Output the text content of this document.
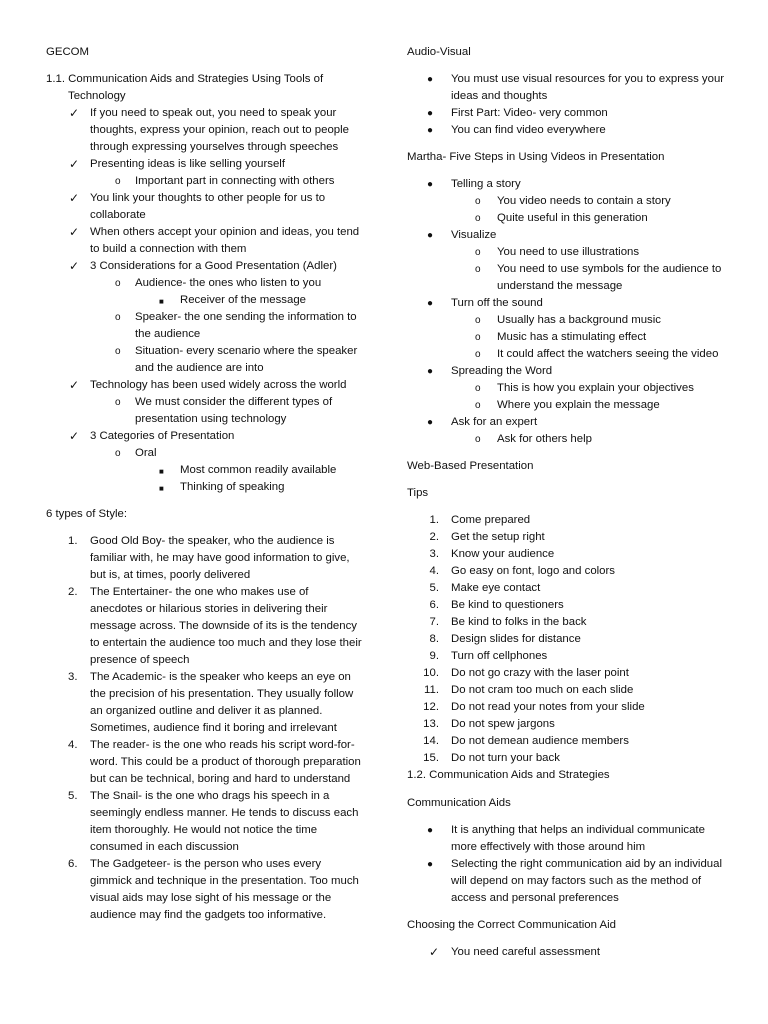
GECOM

1.1. Communication Aids and Strategies Using Tools of Technology

✓ If you need to speak out, you need to speak your thoughts, express your opinion, reach out to people through expressing yourselves through speeches
✓ Presenting ideas is like selling yourself
o Important part in connecting with others
✓ You link your thoughts to other people for us to collaborate
✓ When others accept your opinion and ideas, you tend to build a connection with them
✓ 3 Considerations for a Good Presentation (Adler)
o Audience- the ones who listen to you
■ Receiver of the message
o Speaker- the one sending the information to the audience
o Situation- every scenario where the speaker and the audience are into
✓ Technology has been used widely across the world
o We must consider the different types of presentation using technology
✓ 3 Categories of Presentation
o Oral
■ Most common readily available
■ Thinking of speaking

6 types of Style:

1. Good Old Boy- the speaker, who the audience is familiar with, he may have good information to give, but is, at times, poorly delivered
2. The Entertainer- the one who makes use of anecdotes or hilarious stories in delivering their message across. The downside of its is the tendency to entertain the audience too much and they lose their presence of speech
3. The Academic- is the speaker who keeps an eye on the precision of his presentation. They usually follow an organized outline and deliver it as planned. Sometimes, audience find it boring and irrelevant
4. The reader- is the one who reads his script word-for-word. This could be a product of thorough preparation but can be technical, boring and hard to understand
5. The Snail- is the one who drags his speech in a seemingly endless manner. He tends to discuss each item thoroughly. He would not notice the time consumed in each discussion
6. The Gadgeteer- is the person who uses every gimmick and technique in the presentation. Too much visual aids may lose sight of his message or the audience may find the gadgets too informative.

Audio-Visual

● You must use visual resources for you to express your ideas and thoughts
● First Part: Video- very common
● You can find video everywhere

Martha- Five Steps in Using Videos in Presentation

● Telling a story
o You video needs to contain a story
o Quite useful in this generation
● Visualize
o You need to use illustrations
o You need to use symbols for the audience to understand the message
● Turn off the sound
o Usually has a background music
o Music has a stimulating effect
o It could affect the watchers seeing the video
● Spreading the Word
o This is how you explain your objectives
o Where you explain the message
● Ask for an expert
o Ask for others help

Web-Based Presentation

Tips

1. Come prepared
2. Get the setup right
3. Know your audience
4. Go easy on font, logo and colors
5. Make eye contact
6. Be kind to questioners
7. Be kind to folks in the back
8. Design slides for distance
9. Turn off cellphones
10. Do not go crazy with the laser point
11. Do not cram too much on each slide
12. Do not read your notes from your slide
13. Do not spew jargons
14. Do not demean audience members
15. Do not turn your back

1.2. Communication Aids and Strategies

Communication Aids

● It is anything that helps an individual communicate more effectively with those around him
● Selecting the right communication aid by an individual will depend on may factors such as the method of access and personal preferences

Choosing the Correct Communication Aid

✓ You need careful assessment
